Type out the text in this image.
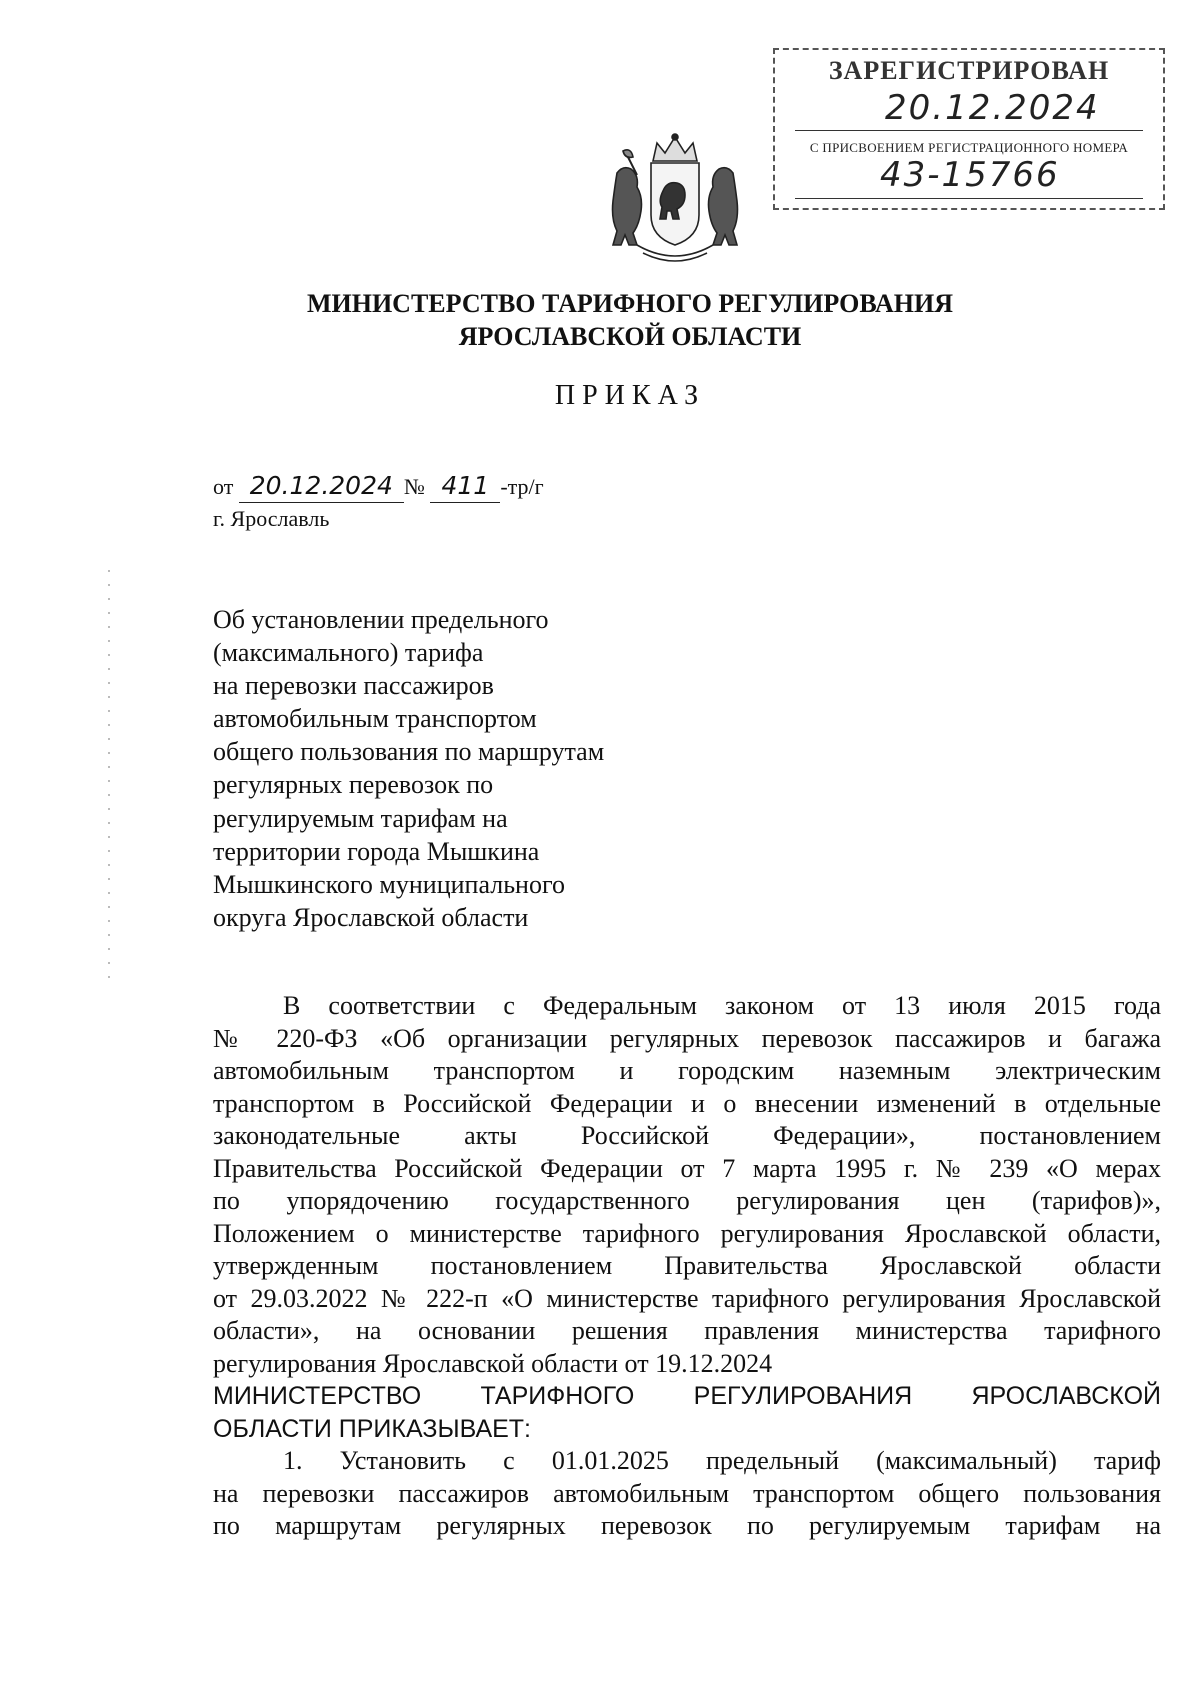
ЗАРЕГИСТРИРОВАН
20.12.2024
С ПРИСВОЕНИЕМ РЕГИСТРАЦИОННОГО НОМЕРА
43-15766
МИНИСТЕРСТВО ТАРИФНОГО РЕГУЛИРОВАНИЯ
ЯРОСЛАВСКОЙ ОБЛАСТИ
ПРИКАЗ
от 20.12.2024 № 411 -тр/г
г. Ярославль
Об установлении предельного
(максимального) тарифа
на перевозки пассажиров
автомобильным транспортом
общего пользования по маршрутам
регулярных перевозок по
регулируемым тарифам на
территории города Мышкина
Мышкинского муниципального
округа Ярославской области
В соответствии с Федеральным законом от 13 июля 2015 года
№ 220-ФЗ «Об организации регулярных перевозок пассажиров и багажа
автомобильным транспортом и городским наземным электрическим
транспортом в Российской Федерации и о внесении изменений в отдельные
законодательные акты Российской Федерации», постановлением
Правительства Российской Федерации от 7 марта 1995 г. № 239 «О мерах
по упорядочению государственного регулирования цен (тарифов)»,
Положением о министерстве тарифного регулирования Ярославской области,
утвержденным постановлением Правительства Ярославской области
от 29.03.2022 № 222-п «О министерстве тарифного регулирования Ярославской
области», на основании решения правления министерства тарифного
регулирования Ярославской области от 19.12.2024
МИНИСТЕРСТВО ТАРИФНОГО РЕГУЛИРОВАНИЯ ЯРОСЛАВСКОЙ
ОБЛАСТИ ПРИКАЗЫВАЕТ:
1. Установить с 01.01.2025 предельный (максимальный) тариф
на перевозки пассажиров автомобильным транспортом общего пользования
по маршрутам регулярных перевозок по регулируемым тарифам на
